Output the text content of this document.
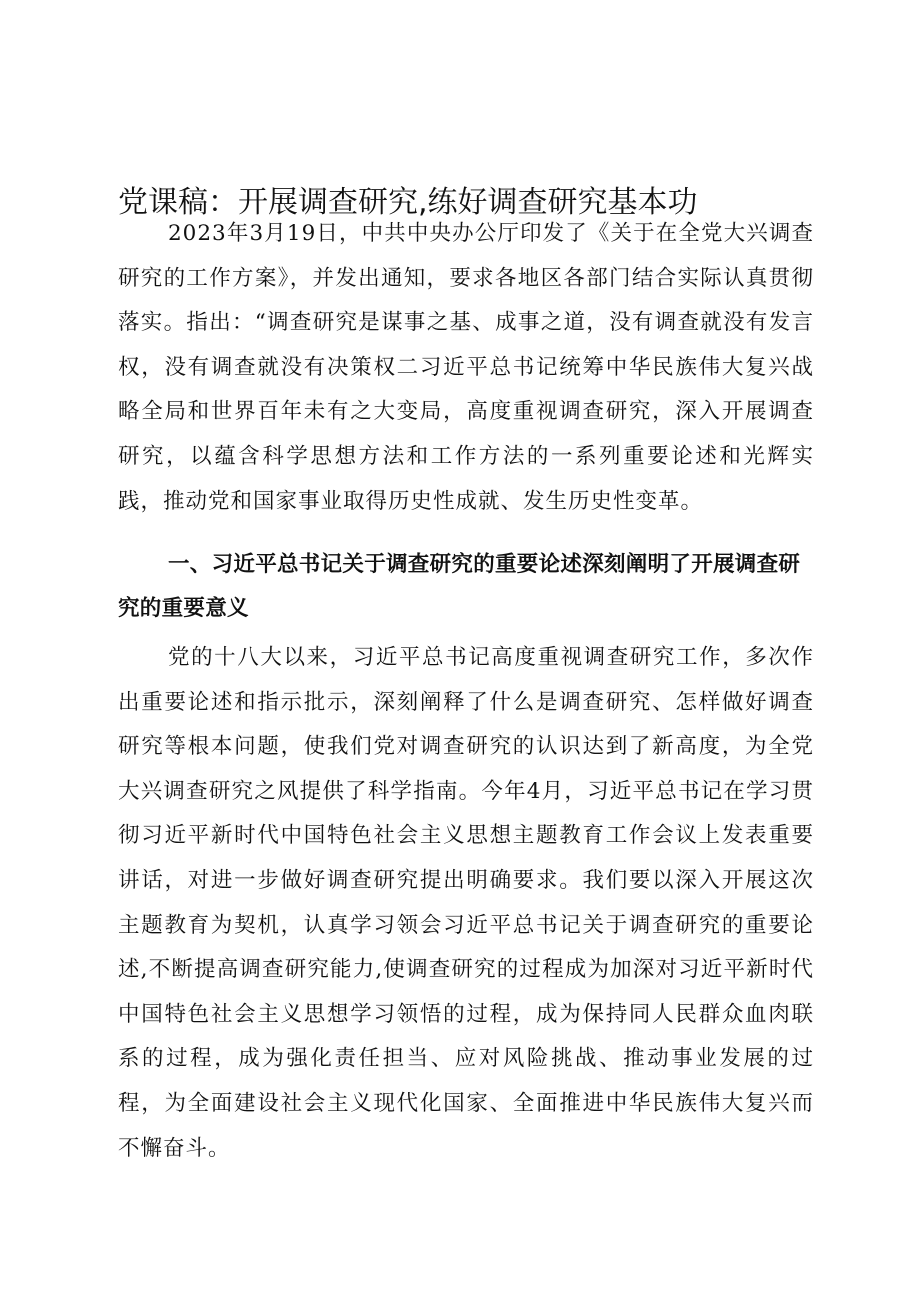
党课稿：开展调查研究,练好调查研究基本功

2023年3月19日，中共中央办公厅印发了《关于在全党大兴调查研究的工作方案》，并发出通知，要求各地区各部门结合实际认真贯彻落实。指出：“调查研究是谋事之基、成事之道，没有调查就没有发言权，没有调查就没有决策权二习近平总书记统筹中华民族伟大复兴战略全局和世界百年未有之大变局，高度重视调查研究，深入开展调查研究，以蕴含科学思想方法和工作方法的一系列重要论述和光辉实践，推动党和国家事业取得历史性成就、发生历史性变革。

一、习近平总书记关于调查研究的重要论述深刻阐明了开展调查研究的重要意义

党的十八大以来，习近平总书记高度重视调查研究工作，多次作出重要论述和指示批示，深刻阐释了什么是调查研究、怎样做好调查研究等根本问题，使我们党对调查研究的认识达到了新高度，为全党大兴调查研究之风提供了科学指南。今年4月，习近平总书记在学习贯彻习近平新时代中国特色社会主义思想主题教育工作会议上发表重要讲话，对进一步做好调查研究提出明确要求。我们要以深入开展这次主题教育为契机，认真学习领会习近平总书记关于调查研究的重要论述,不断提高调查研究能力,使调查研究的过程成为加深对习近平新时代中国特色社会主义思想学习领悟的过程，成为保持同人民群众血肉联系的过程，成为强化责任担当、应对风险挑战、推动事业发展的过程，为全面建设社会主义现代化国家、全面推进中华民族伟大复兴而不懈奋斗。
